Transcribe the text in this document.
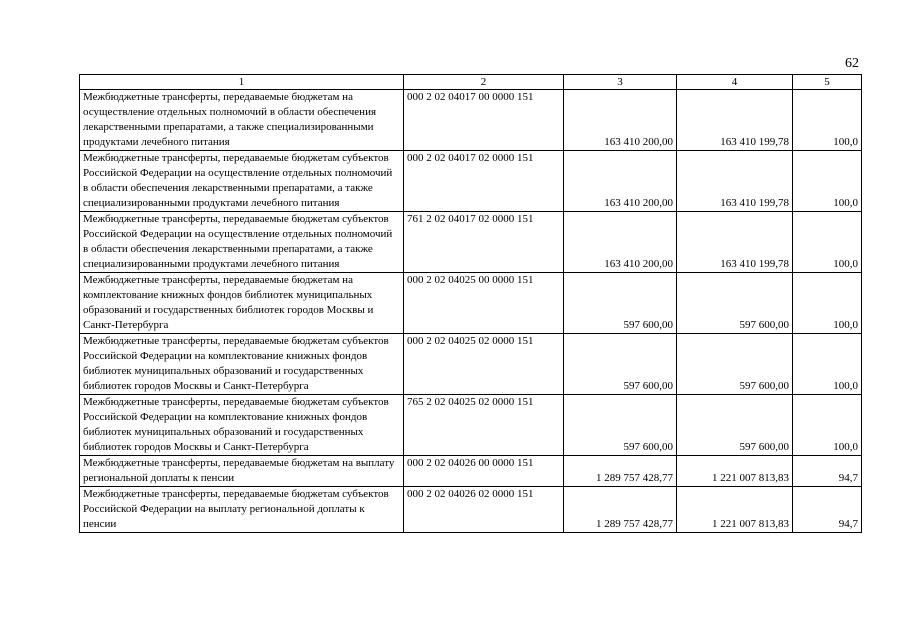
62
1	2	3	4	5
Межбюджетные трансферты, передаваемые бюджетам на осуществление отдельных полномочий в области обеспечения лекарственными препаратами, а также специализированными продуктами лечебного питания	000 2 02 04017 00 0000 151	163 410 200,00	163 410 199,78	100,0
Межбюджетные трансферты, передаваемые бюджетам субъектов Российской Федерации на осуществление отдельных полномочий в области обеспечения лекарственными препаратами, а также специализированными продуктами лечебного питания	000 2 02 04017 02 0000 151	163 410 200,00	163 410 199,78	100,0
Межбюджетные трансферты, передаваемые бюджетам субъектов Российской Федерации на осуществление отдельных полномочий в области обеспечения лекарственными препаратами, а также специализированными продуктами лечебного питания	761 2 02 04017 02 0000 151	163 410 200,00	163 410 199,78	100,0
Межбюджетные трансферты, передаваемые бюджетам на комплектование книжных фондов библиотек муниципальных образований и государственных библиотек городов Москвы и Санкт-Петербурга	000 2 02 04025 00 0000 151	597 600,00	597 600,00	100,0
Межбюджетные трансферты, передаваемые бюджетам субъектов Российской Федерации на комплектование книжных фондов библиотек муниципальных образований и государственных библиотек городов Москвы и Санкт-Петербурга	000 2 02 04025 02 0000 151	597 600,00	597 600,00	100,0
Межбюджетные трансферты, передаваемые бюджетам субъектов Российской Федерации на комплектование книжных фондов библиотек муниципальных образований и государственных библиотек городов Москвы и Санкт-Петербурга	765 2 02 04025 02 0000 151	597 600,00	597 600,00	100,0
Межбюджетные трансферты, передаваемые бюджетам на выплату региональной доплаты к пенсии	000 2 02 04026 00 0000 151	1 289 757 428,77	1 221 007 813,83	94,7
Межбюджетные трансферты, передаваемые бюджетам субъектов Российской Федерации на выплату региональной доплаты к пенсии	000 2 02 04026 02 0000 151	1 289 757 428,77	1 221 007 813,83	94,7
